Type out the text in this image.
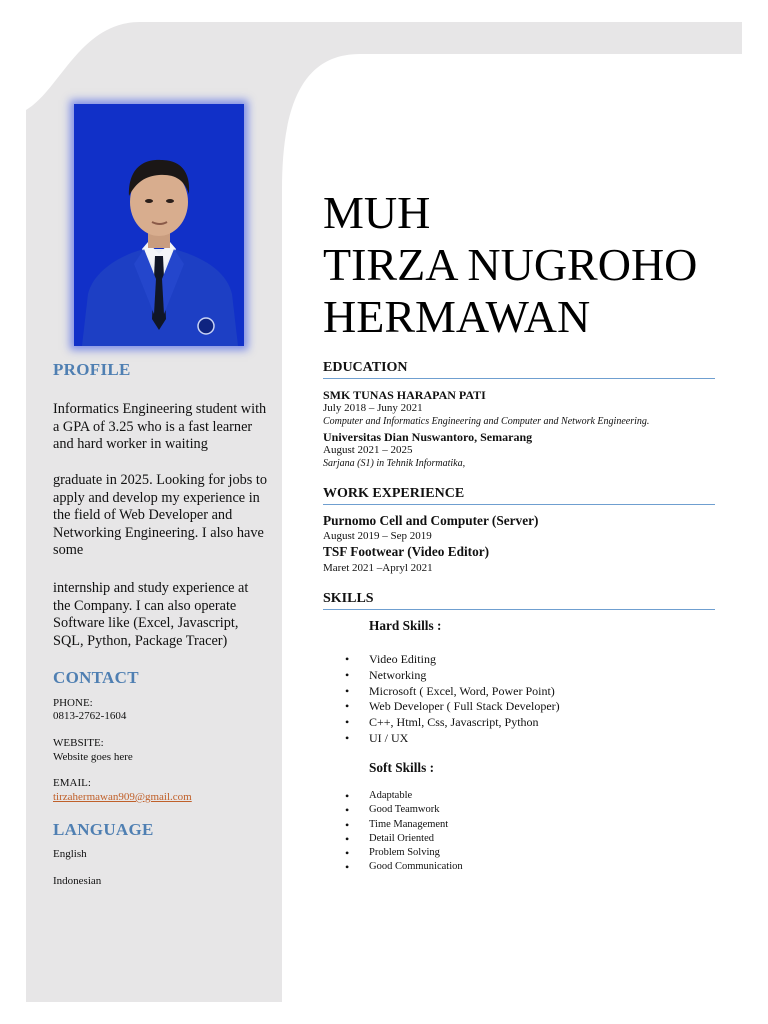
PROFILE
Informatics Engineering student with a GPA of 3.25 who is a fast learner and hard worker in waiting
graduate in 2025. Looking for jobs to apply and develop my experience in the field of Web Developer and Networking Engineering. I also have some
internship and study experience at the Company. I can also operate Software like (Excel, Javascript, SQL, Python, Package Tracer)
CONTACT
PHONE:
0813-2762-1604
WEBSITE:
Website goes here
EMAIL:
tirzahermawan909@gmail.com
LANGUAGE
English
Indonesian
MUH
TIRZA NUGROHO
HERMAWAN
EDUCATION
SMK TUNAS HARAPAN PATI
July 2018 – Juny 2021
Computer and Informatics Engineering and Computer and Network Engineering.
Universitas Dian Nuswantoro, Semarang
August 2021 – 2025
Sarjana (S1) in Tehnik Informatika,
WORK EXPERIENCE
Purnomo Cell and Computer (Server)
August 2019 – Sep 2019
TSF Footwear (Video Editor)
Maret 2021 –Apryl 2021
SKILLS
Hard Skills :
• Video Editing
• Networking
• Microsoft ( Excel, Word, Power Point)
• Web Developer ( Full Stack Developer)
• C++, Html, Css, Javascript, Python
• UI / UX
Soft Skills :
• Adaptable
• Good Teamwork
• Time Management
• Detail Oriented
• Problem Solving
• Good Communication
